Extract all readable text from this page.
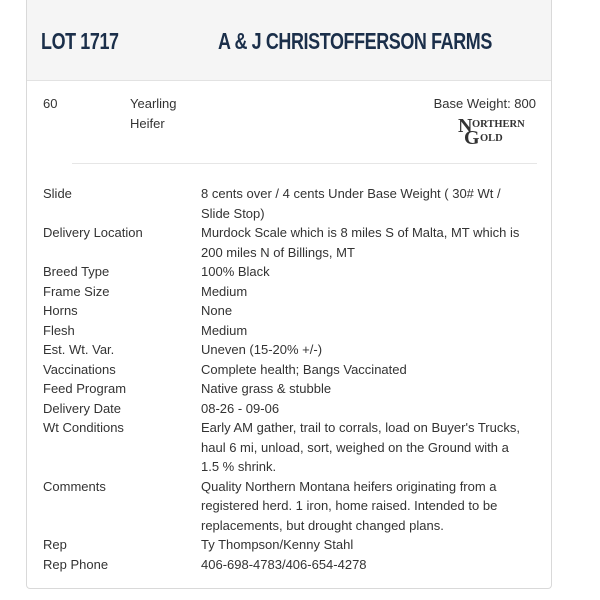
LOT 1717	A & J CHRISTOFFERSON FARMS
60	Yearling
Heifer
Base Weight: 800
N ORTHERN
G OLD
Slide	8 cents over / 4 cents Under Base Weight ( 30# Wt / Slide Stop)
Delivery Location	Murdock Scale which is 8 miles S of Malta, MT which is 200 miles N of Billings, MT
Breed Type	100% Black
Frame Size	Medium
Horns	None
Flesh	Medium
Est. Wt. Var.	Uneven (15-20% +/-)
Vaccinations	Complete health; Bangs Vaccinated
Feed Program	Native grass & stubble
Delivery Date	08-26 - 09-06
Wt Conditions	Early AM gather, trail to corrals, load on Buyer's Trucks, haul 6 mi, unload, sort, weighed on the Ground with a 1.5 % shrink.
Comments	Quality Northern Montana heifers originating from a registered herd. 1 iron, home raised. Intended to be replacements, but drought changed plans.
Rep	Ty Thompson/Kenny Stahl
Rep Phone	406-698-4783/406-654-4278
